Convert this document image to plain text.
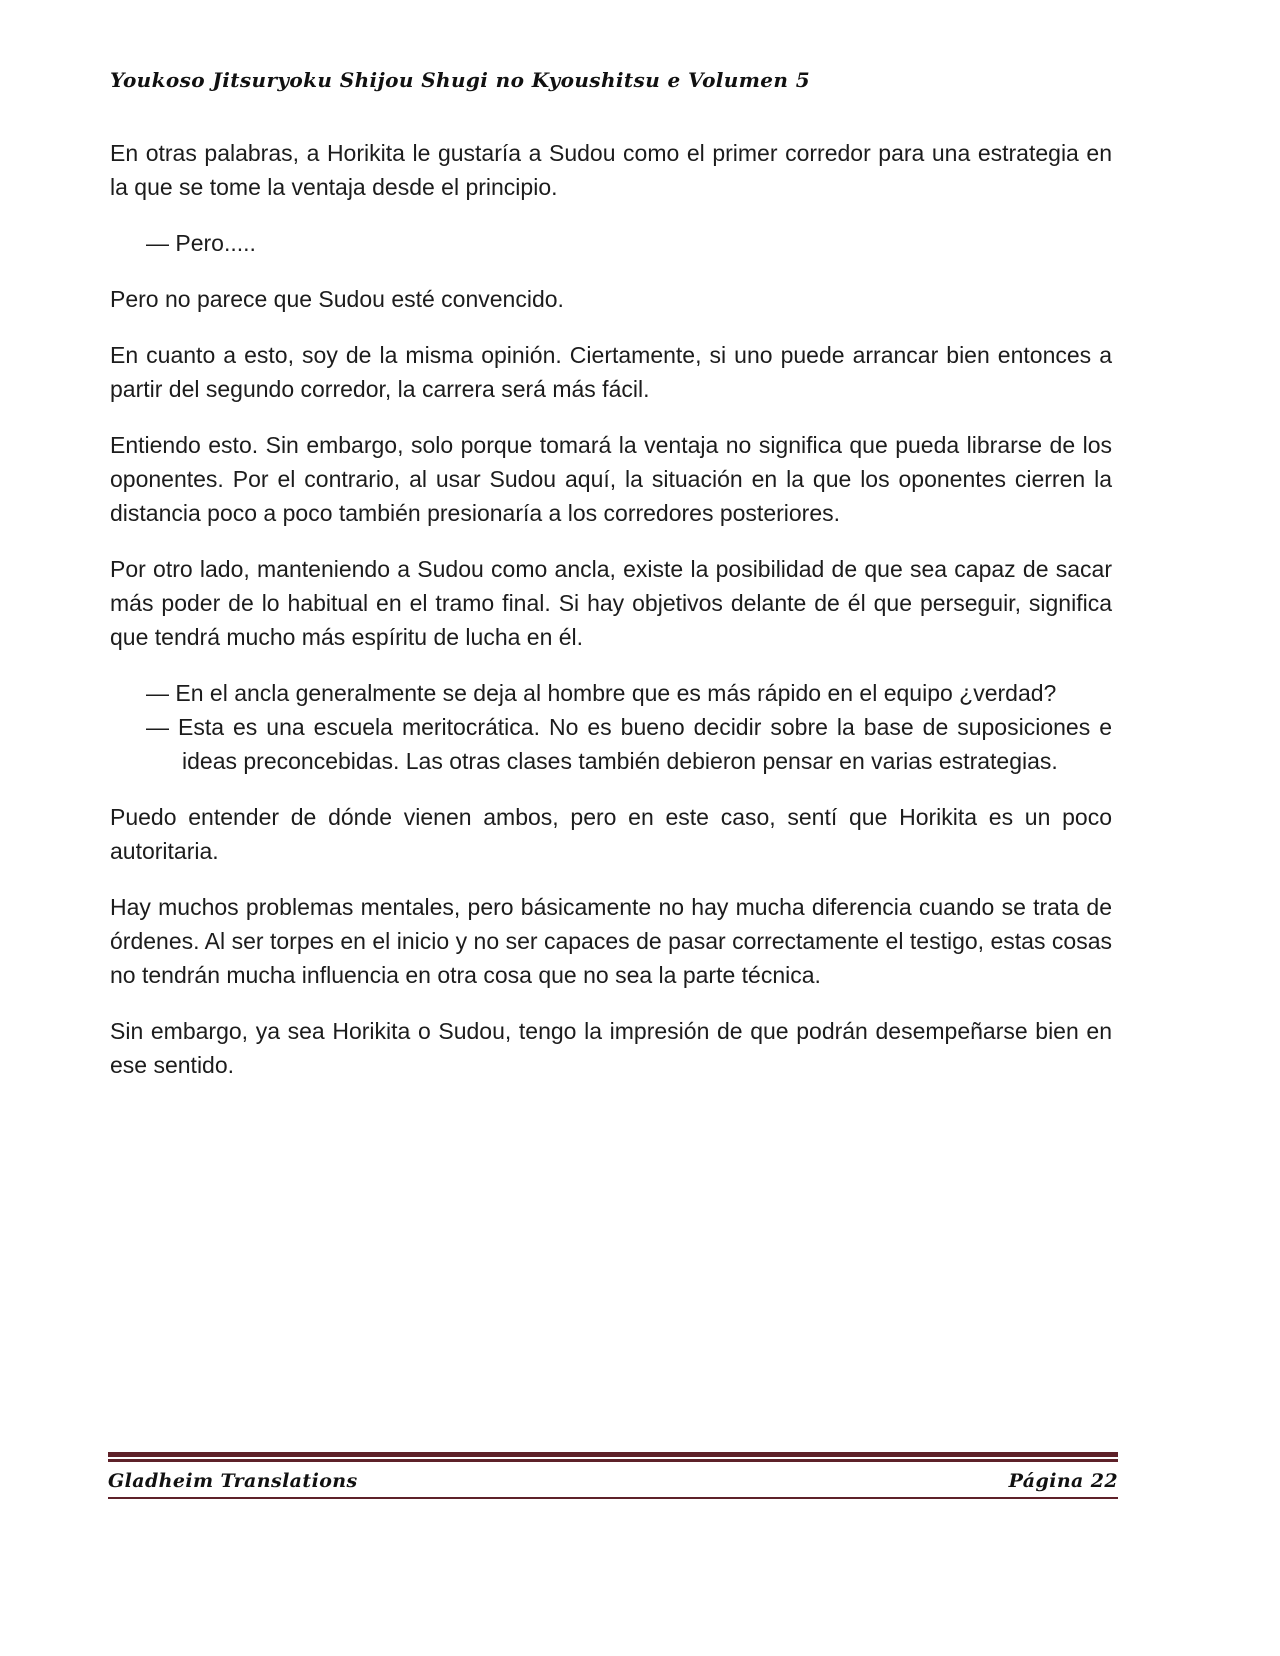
Youkoso Jitsuryoku Shijou Shugi no Kyoushitsu e Volumen 5

En otras palabras, a Horikita le gustaría a Sudou como el primer corredor para una estrategia en la que se tome la ventaja desde el principio.

— Pero.....

Pero no parece que Sudou esté convencido.

En cuanto a esto, soy de la misma opinión. Ciertamente, si uno puede arrancar bien entonces a partir del segundo corredor, la carrera será más fácil.

Entiendo esto. Sin embargo, solo porque tomará la ventaja no significa que pueda librarse de los oponentes. Por el contrario, al usar Sudou aquí, la situación en la que los oponentes cierren la distancia poco a poco también presionaría a los corredores posteriores.

Por otro lado, manteniendo a Sudou como ancla, existe la posibilidad de que sea capaz de sacar más poder de lo habitual en el tramo final. Si hay objetivos delante de él que perseguir, significa que tendrá mucho más espíritu de lucha en él.

— En el ancla generalmente se deja al hombre que es más rápido en el equipo ¿verdad?

— Esta es una escuela meritocrática. No es bueno decidir sobre la base de suposiciones e ideas preconcebidas. Las otras clases también debieron pensar en varias estrategias.

Puedo entender de dónde vienen ambos, pero en este caso, sentí que Horikita es un poco autoritaria.

Hay muchos problemas mentales, pero básicamente no hay mucha diferencia cuando se trata de órdenes. Al ser torpes en el inicio y no ser capaces de pasar correctamente el testigo, estas cosas no tendrán mucha influencia en otra cosa que no sea la parte técnica.

Sin embargo, ya sea Horikita o Sudou, tengo la impresión de que podrán desempeñarse bien en ese sentido.

Gladheim Translations	Página 22
